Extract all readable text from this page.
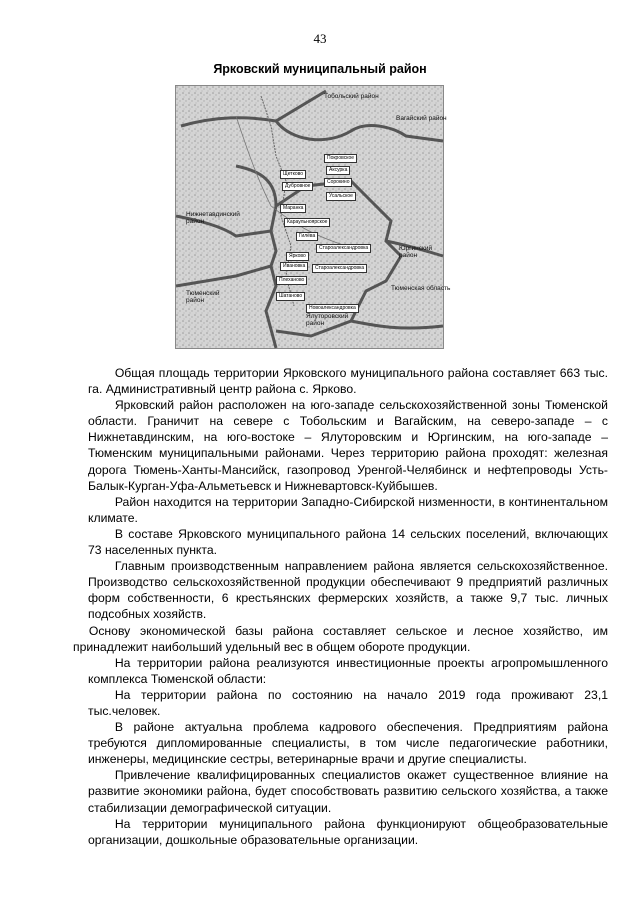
43
Ярковский муниципальный район
Тобольский район
Вагайский район
Нижнетавдинский район
Тюменский район
Юргинский район
Ялуторовский район
Тюменская область
Покровское
Щетково
Аксурка
Дубровное
Сорокино
Маранка
Ярково
Плеханово
Шатаново
Новоалександровка
Староалександровка
Караульноярское
Гилёва
Усальское
Староалександровка
Ивановка

Общая площадь территории Ярковского муниципального района составляет 663 тыс. га. Административный центр района с. Ярково.

Ярковский район расположен на юго-западе сельскохозяйственной зоны Тюменской области. Граничит на севере с Тобольским и Вагайским, на северо-западе – с Нижнетавдинским, на юго-востоке – Ялуторовским и Юргинским, на юго-западе – Тюменским муниципальными районами. Через территорию района проходят: железная дорога Тюмень-Ханты-Мансийск, газопровод Уренгой-Челябинск и нефтепроводы Усть-Балык-Курган-Уфа-Альметьевск и Нижневартовск-Куйбышев.

Район находится на территории Западно-Сибирской низменности, в континентальном климате.

В составе Ярковского муниципального района 14 сельских поселений, включающих 73 населенных пункта.

Главным производственным направлением района является сельскохозяйственное. Производство сельскохозяйственной продукции обеспечивают 9 предприятий различных форм собственности, 6 крестьянских фермерских хозяйств, а также 9,7 тыс. личных подсобных хозяйств.

Основу экономической базы района составляет сельское и лесное хозяйство, им принадлежит наибольший удельный вес в общем обороте продукции.

На территории района реализуются инвестиционные проекты агропромышленного комплекса Тюменской области:

На территории района по состоянию на начало 2019 года проживают 23,1 тыс.человек.

В районе актуальна проблема кадрового обеспечения. Предприятиям района требуются дипломированные специалисты, в том числе педагогические работники, инженеры, медицинские сестры, ветеринарные врачи и другие специалисты.

Привлечение квалифицированных специалистов окажет существенное влияние на развитие экономики района, будет способствовать развитию сельского хозяйства, а также стабилизации демографической ситуации.

На территории муниципального района функционируют общеобразовательные организации, дошкольные образовательные организации.
